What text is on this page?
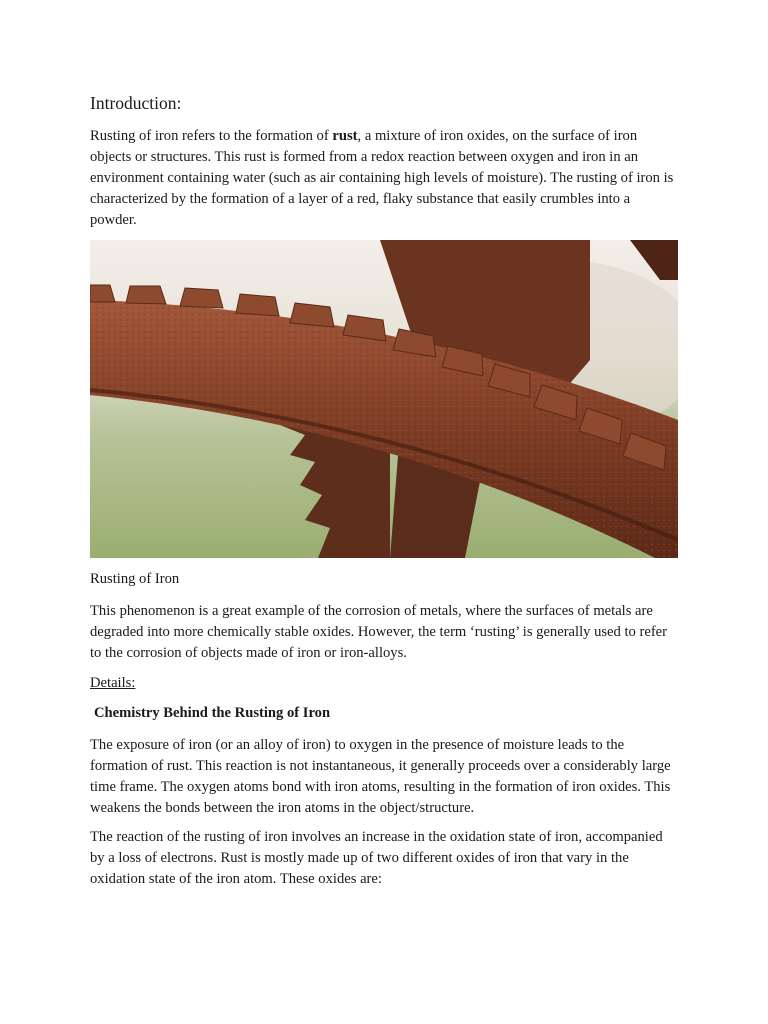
Introduction:

Rusting of iron refers to the formation of rust, a mixture of iron oxides, on the surface of iron objects or structures. This rust is formed from a redox reaction between oxygen and iron in an environment containing water (such as air containing high levels of moisture). The rusting of iron is characterized by the formation of a layer of a red, flaky substance that easily crumbles into a powder.

Rusting of Iron

This phenomenon is a great example of the corrosion of metals, where the surfaces of metals are degraded into more chemically stable oxides. However, the term ‘rusting’ is generally used to refer to the corrosion of objects made of iron or iron-alloys.

Details:
Chemistry Behind the Rusting of Iron

The exposure of iron (or an alloy of iron) to oxygen in the presence of moisture leads to the formation of rust. This reaction is not instantaneous, it generally proceeds over a considerably large time frame. The oxygen atoms bond with iron atoms, resulting in the formation of iron oxides. This weakens the bonds between the iron atoms in the object/structure.

The reaction of the rusting of iron involves an increase in the oxidation state of iron, accompanied by a loss of electrons. Rust is mostly made up of two different oxides of iron that vary in the oxidation state of the iron atom. These oxides are:
